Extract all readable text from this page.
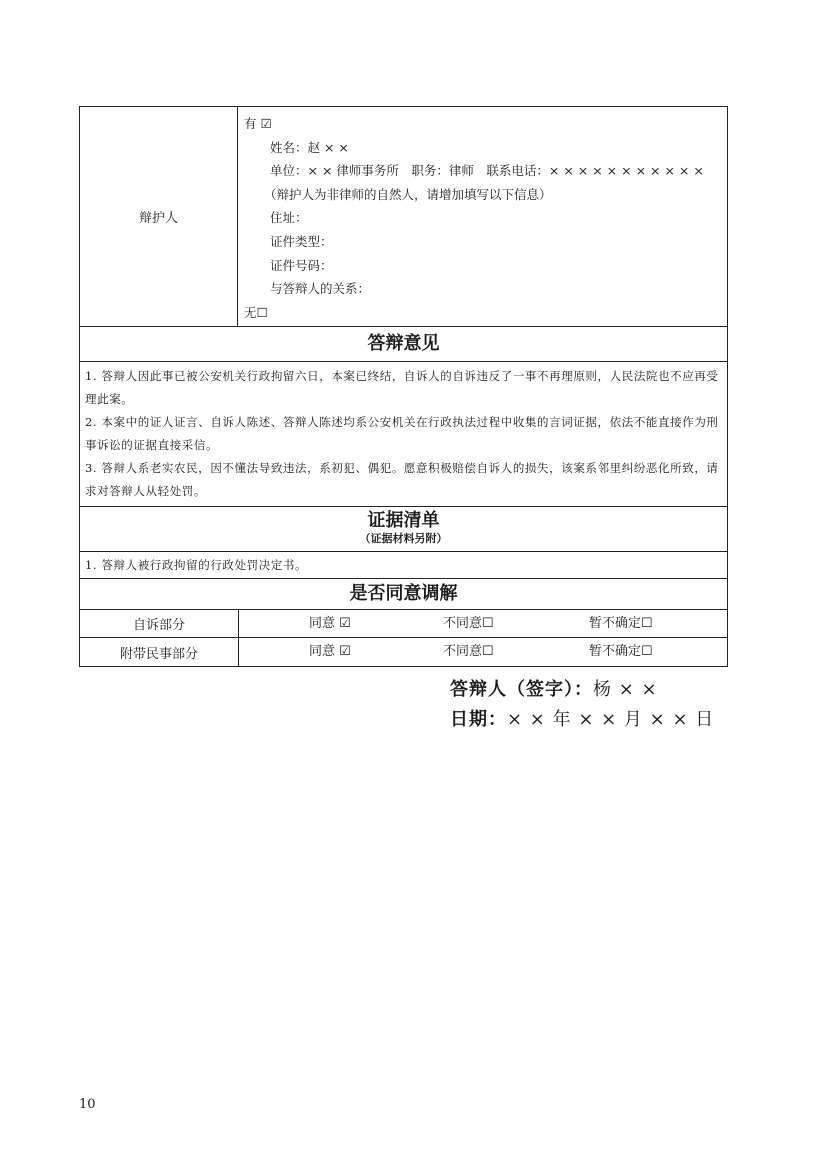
辩护人
有 ☑
姓名：赵 × ×
单位：× × 律师事务所　职务：律师　联系电话：× × × × × × × × × × ×
（辩护人为非律师的自然人，请增加填写以下信息）
住址：
证件类型：
证件号码：
与答辩人的关系：
无☐
答辩意见
1. 答辩人因此事已被公安机关行政拘留六日，本案已终结，自诉人的自诉违反了一事不再理原则，人民法院也不应再受理此案。
2. 本案中的证人证言、自诉人陈述、答辩人陈述均系公安机关在行政执法过程中收集的言词证据，依法不能直接作为刑事诉讼的证据直接采信。
3. 答辩人系老实农民，因不懂法导致违法，系初犯、偶犯。愿意积极赔偿自诉人的损失，该案系邻里纠纷恶化所致，请求对答辩人从轻处罚。
证据清单
（证据材料另附）
1. 答辩人被行政拘留的行政处罚决定书。
是否同意调解
自诉部分	同意 ☑	不同意☐	暂不确定☐
附带民事部分	同意 ☑	不同意☐	暂不确定☐
答辩人（签字）：杨 × ×
日期：× × 年 × × 月 × × 日
10
